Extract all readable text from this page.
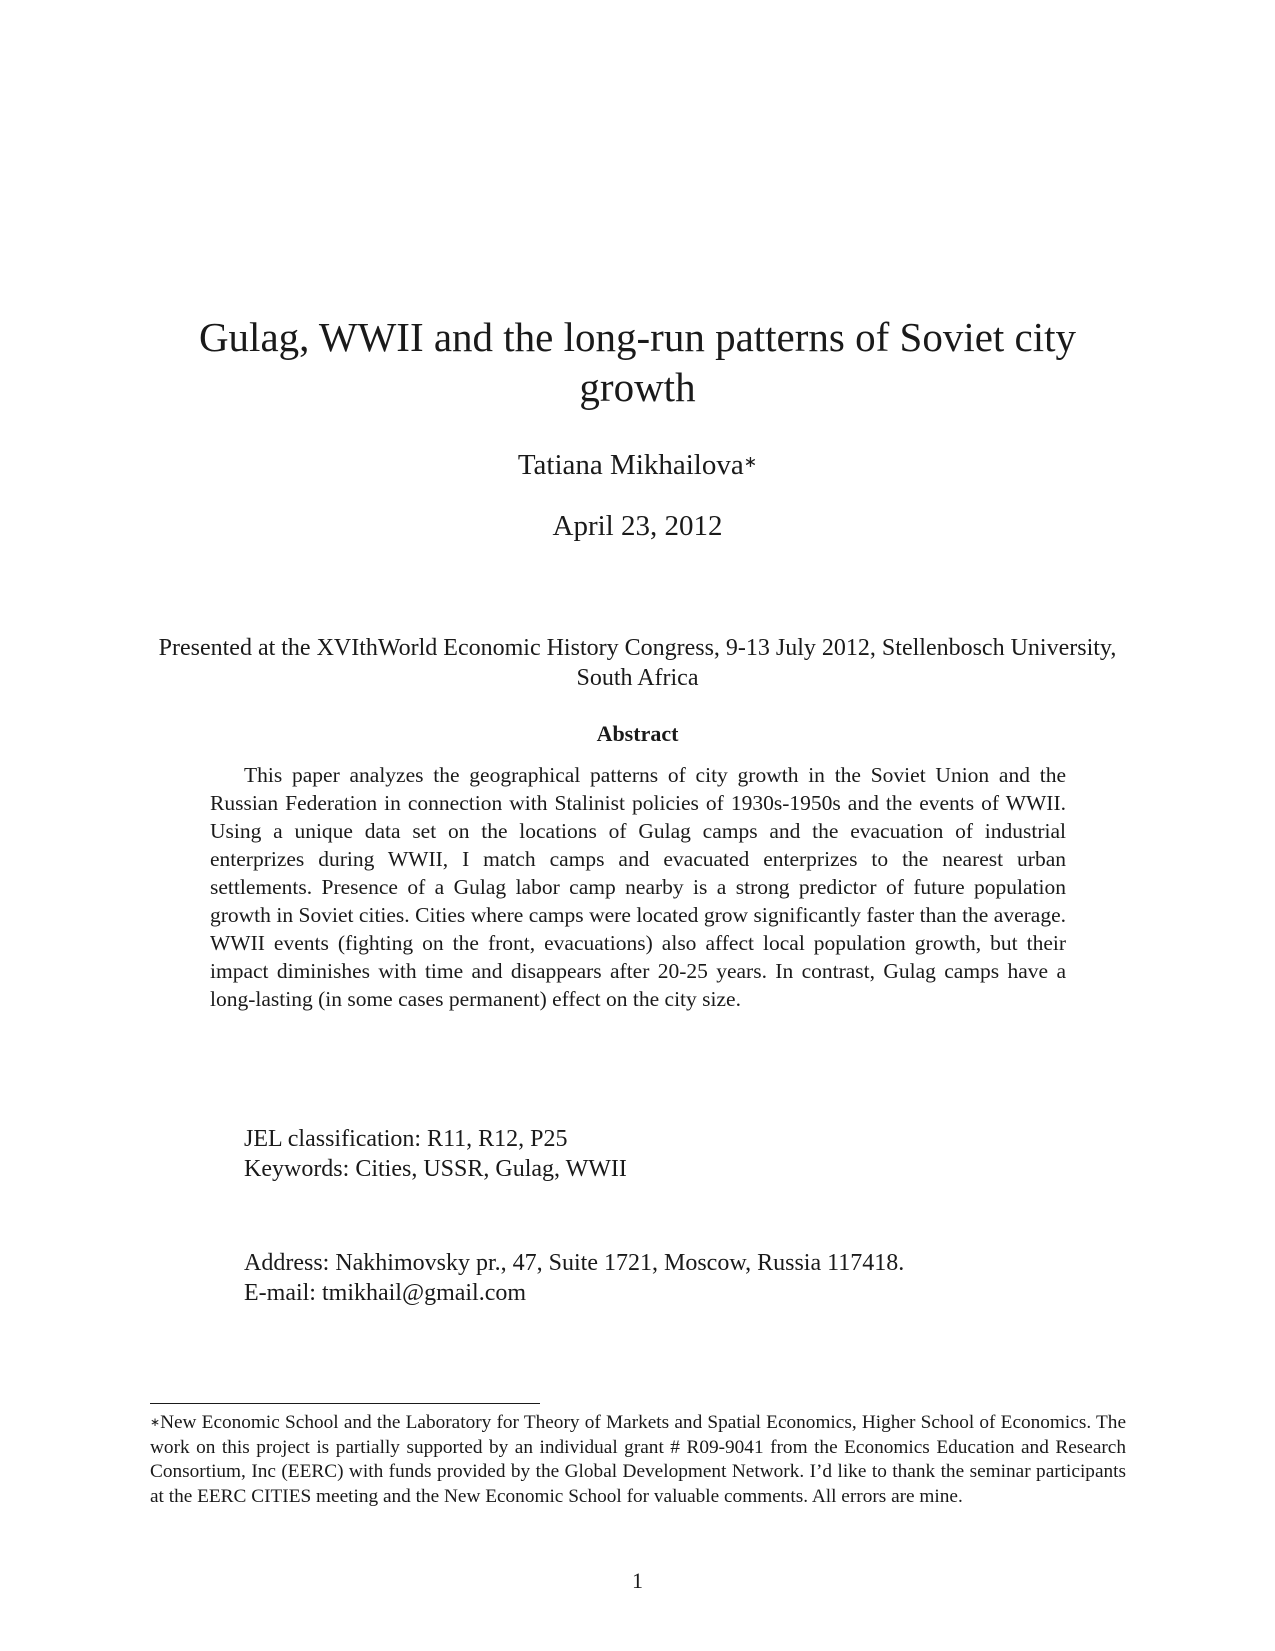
Gulag, WWII and the long-run patterns of Soviet city growth
Tatiana Mikhailova∗
April 23, 2012
Presented at the XVIthWorld Economic History Congress, 9-13 July 2012, Stellenbosch University, South Africa
Abstract

This paper analyzes the geographical patterns of city growth in the Soviet Union and the Russian Federation in connection with Stalinist policies of 1930s-1950s and the events of WWII. Using a unique data set on the locations of Gulag camps and the evacuation of industrial enterprizes during WWII, I match camps and evacuated enterprizes to the nearest urban settlements. Presence of a Gulag labor camp nearby is a strong predictor of future population growth in Soviet cities. Cities where camps were located grow significantly faster than the average. WWII events (fighting on the front, evacuations) also affect local population growth, but their impact diminishes with time and disappears after 20-25 years. In contrast, Gulag camps have a long-lasting (in some cases permanent) effect on the city size.

JEL classification: R11, R12, P25
Keywords: Cities, USSR, Gulag, WWII
Address: Nakhimovsky pr., 47, Suite 1721, Moscow, Russia 117418.
E-mail: tmikhail@gmail.com

∗New Economic School and the Laboratory for Theory of Markets and Spatial Economics, Higher School of Economics. The work on this project is partially supported by an individual grant # R09-9041 from the Economics Education and Research Consortium, Inc (EERC) with funds provided by the Global Development Network. I’d like to thank the seminar participants at the EERC CITIES meeting and the New Economic School for valuable comments. All errors are mine.

1
